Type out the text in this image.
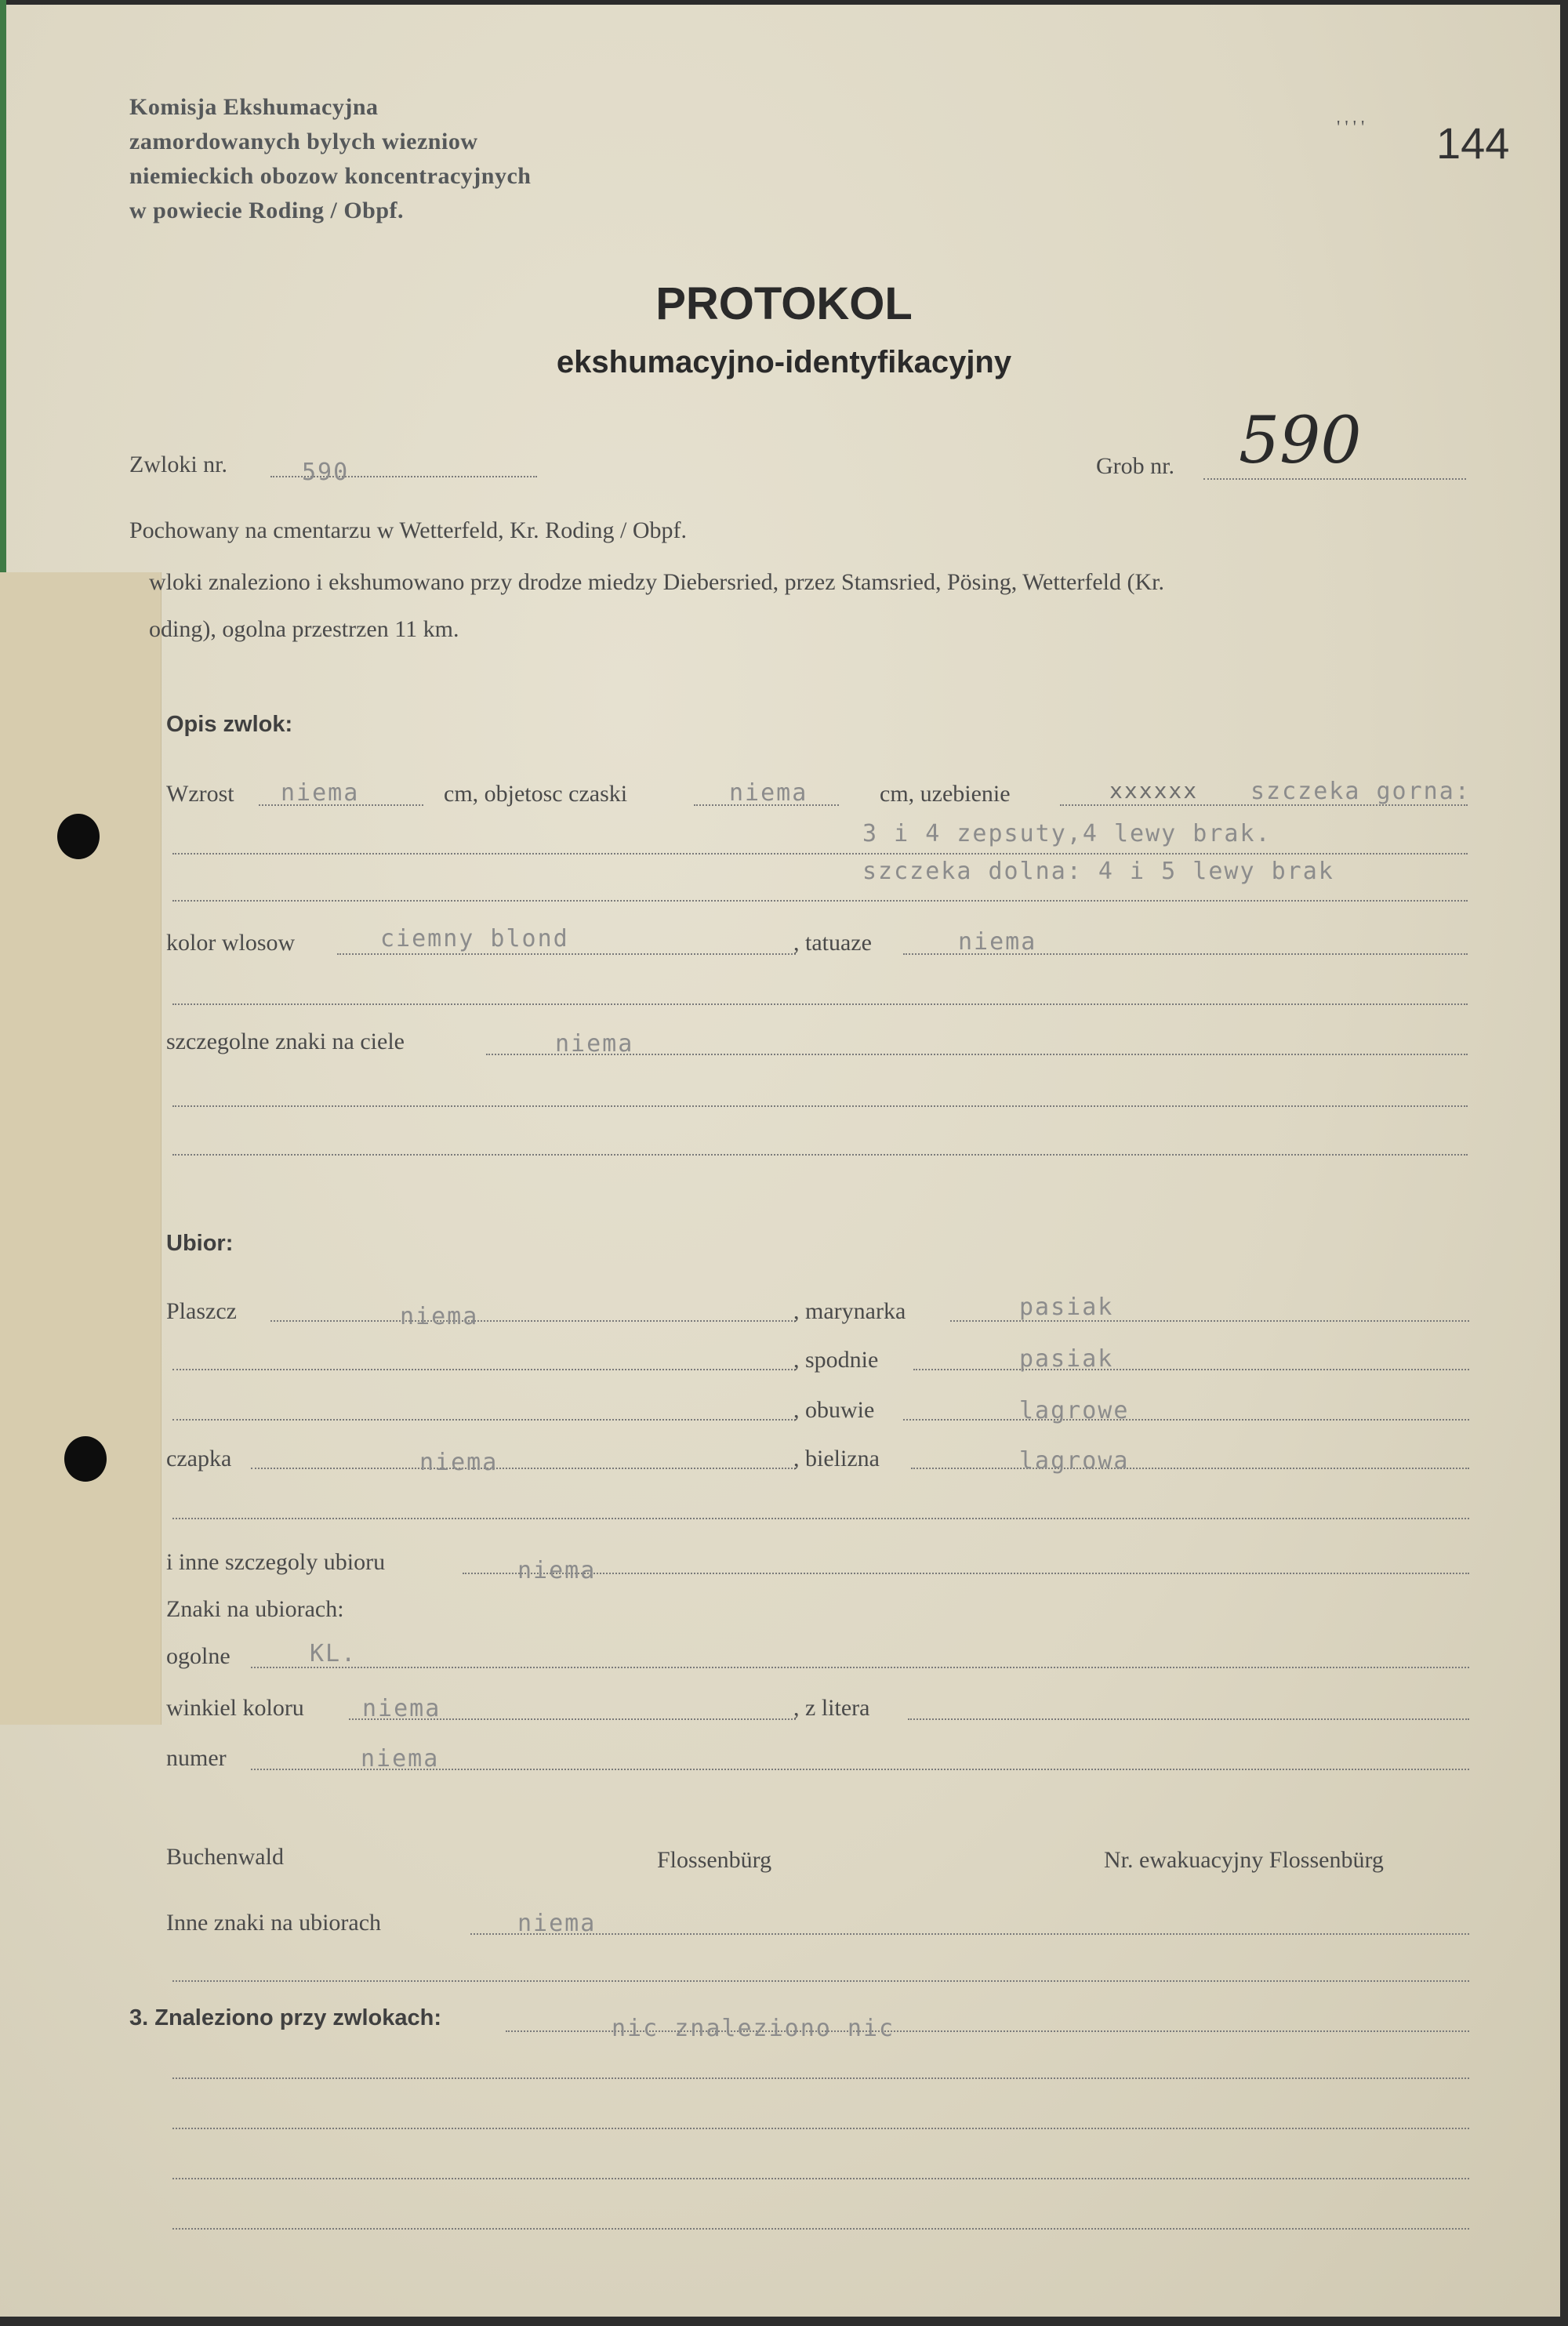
Komisja Ekshumacyjna
zamordowanych bylych wiezniow
niemieckich obozow koncentracyjnych
w powiecie Roding / Obpf.
' ' ' ' 144
PROTOKOL
ekshumacyjno-identyfikacyjny
Zwloki nr.	590	Grob nr. 590
Pochowany na cmentarzu w Wetterfeld, Kr. Roding / Obpf.
wloki znaleziono i ekshumowano przy drodze miedzy Diebersried, przez Stamsried, Pösing, Wetterfeld (Kr.
oding), ogolna przestrzen 11 km.
Opis zwlok:
Wzrost niema	cm, objetosc czaski	niema	cm, uzebienie	xxxxxx szczeka gorna:
3 i 4 zepsuty,4 lewy brak.
szczeka dolna: 4 i 5 lewy brak
kolor wlosow	ciemny blond	, tatuaze	niema
szczegolne znaki na ciele	niema
Ubior:
Plaszcz	niema	, marynarka	pasiak
, spodnie	pasiak
, obuwie	lagrowe
czapka	niema	, bielizna	lagrowa
i inne szczegoly ubioru	niema
Znaki na ubiorach:
ogolne	KL.
winkiel koloru niema	, z litera
numer	niema
Buchenwald	Flossenbürg	Nr. ewakuacyjny Flossenbürg
Inne znaki na ubiorach	niema
3. Znaleziono przy zwlokach:	nic znaleziono nic
